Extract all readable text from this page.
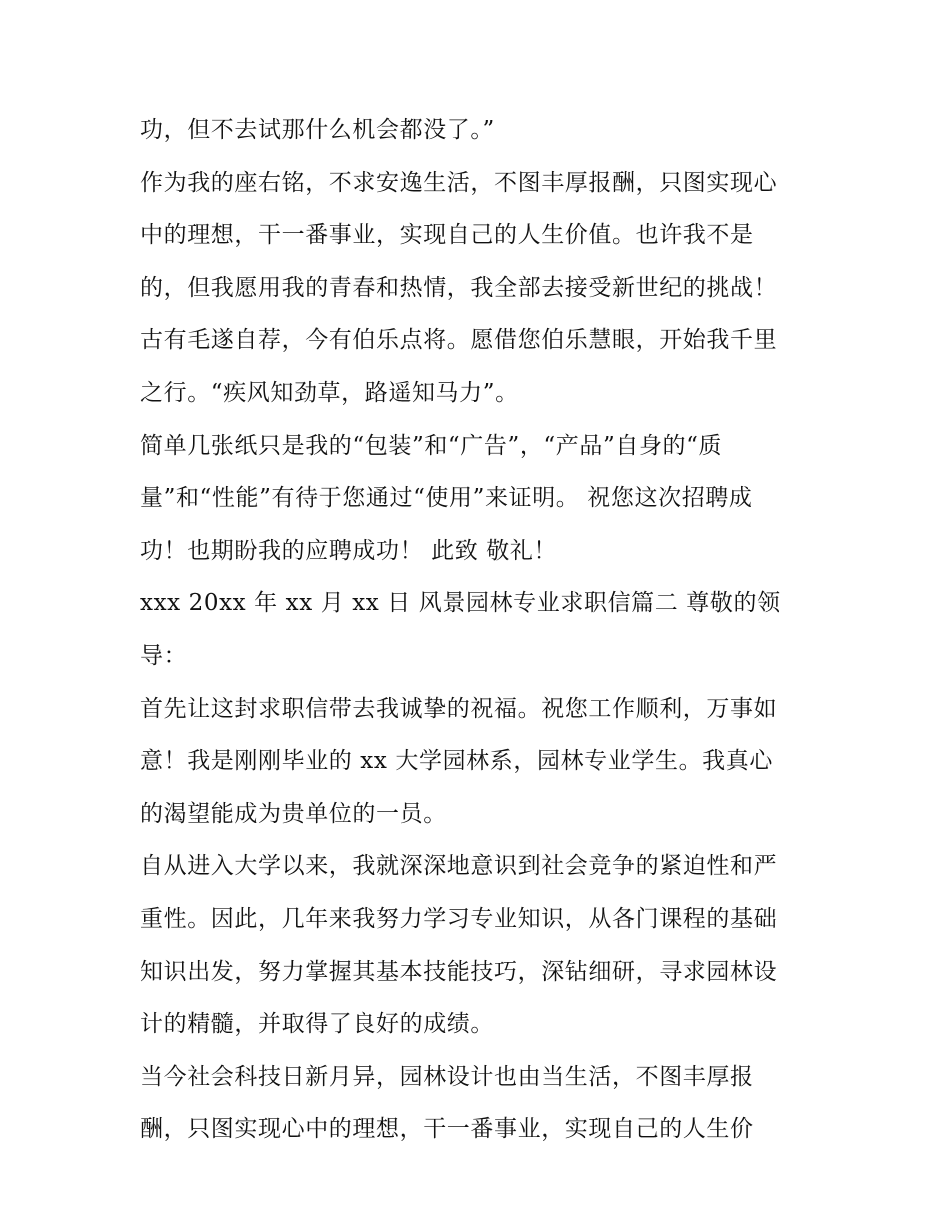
功，但不去试那什么机会都没了。”
作为我的座右铭，不求安逸生活，不图丰厚报酬，只图实现心
中的理想，干一番事业，实现自己的人生价值。也许我不是
的，但我愿用我的青春和热情，我全部去接受新世纪的挑战！
古有毛遂自荐，今有伯乐点将。愿借您伯乐慧眼，开始我千里
之行。“疾风知劲草，路遥知马力”。
简单几张纸只是我的“包装”和“广告”，“产品”自身的“质
量”和“性能”有待于您通过“使用”来证明。 祝您这次招聘成
功！也期盼我的应聘成功！ 此致 敬礼！
xxx 20xx 年 xx 月 xx 日 风景园林专业求职信篇二 尊敬的领
导：
首先让这封求职信带去我诚挚的祝福。祝您工作顺利，万事如
意！我是刚刚毕业的 xx 大学园林系，园林专业学生。我真心
的渴望能成为贵单位的一员。
自从进入大学以来，我就深深地意识到社会竞争的紧迫性和严
重性。因此，几年来我努力学习专业知识，从各门课程的基础
知识出发，努力掌握其基本技能技巧，深钻细研，寻求园林设
计的精髓，并取得了良好的成绩。
当今社会科技日新月异，园林设计也由当生活，不图丰厚报
酬，只图实现心中的理想，干一番事业，实现自己的人生价
